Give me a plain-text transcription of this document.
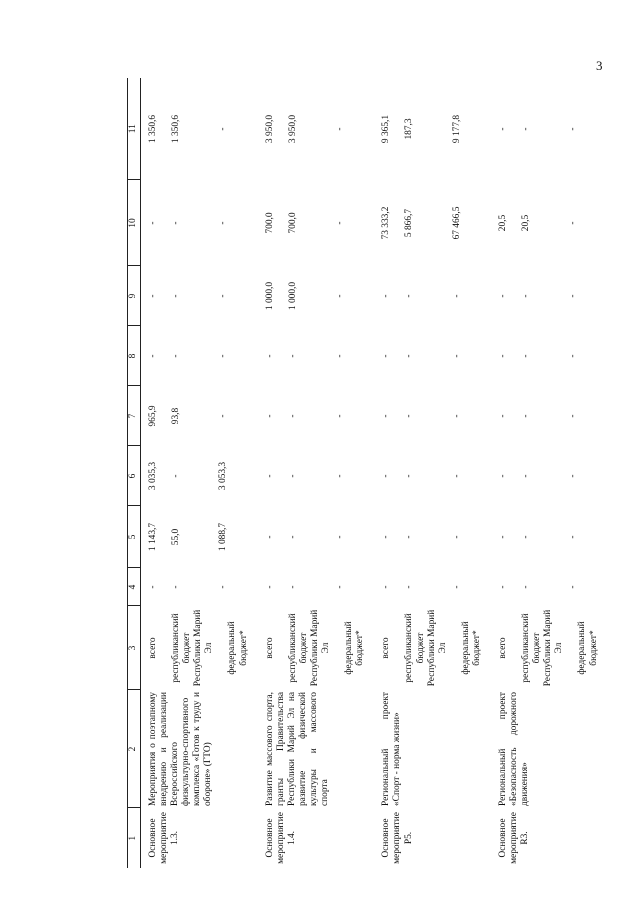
3
1	2	3	4	5	6	7	8	9	10	11
Основное мероприятие 1.3.	Мероприятия о поэтапному внедрению и реализации Всероссийского физкультурно-спортивного комплекса «Готов к труду и обороне» (ГТО)	всего республиканский бюджет Республики Марий Эл федеральный бюджет*	- - -	1 143,7 55,0 1 088,7	3 035,3 - 3 053,3	965,9 93,8 -	- - -	- - -	- - -	1 350,6 1 350,6 -

Основное мероприятие 1.4.	Развитие массового спорта, гранты Правительства Республики Марий Эл на развитие физической культуры и массового спорта	всего республиканский бюджет Республики Марий Эл федеральный бюджет*	- - -	- - -	- - -	- - -	- - -	1 000,0 1 000,0 -	700,0 700,0 -	3 950,0 3 950,0 -

Основное мероприятие Р5.	Региональный проект «Спорт - норма жизни»	всего республиканский бюджет Республики Марий Эл федеральный бюджет*	- - -	- - -	- - -	- - -	- - -	- - -	73 333,2 5 866,7 67 466,5	9 365,1 187,3 9 177,8

Основное мероприятие R3.	Региональный проект «Безопасность дорожного движения»	всего республиканский бюджет Республики Марий Эл федеральный бюджет*	- - -	- - -	- - -	- - -	- - -	- - -	20,5 20,5 -	- - -
